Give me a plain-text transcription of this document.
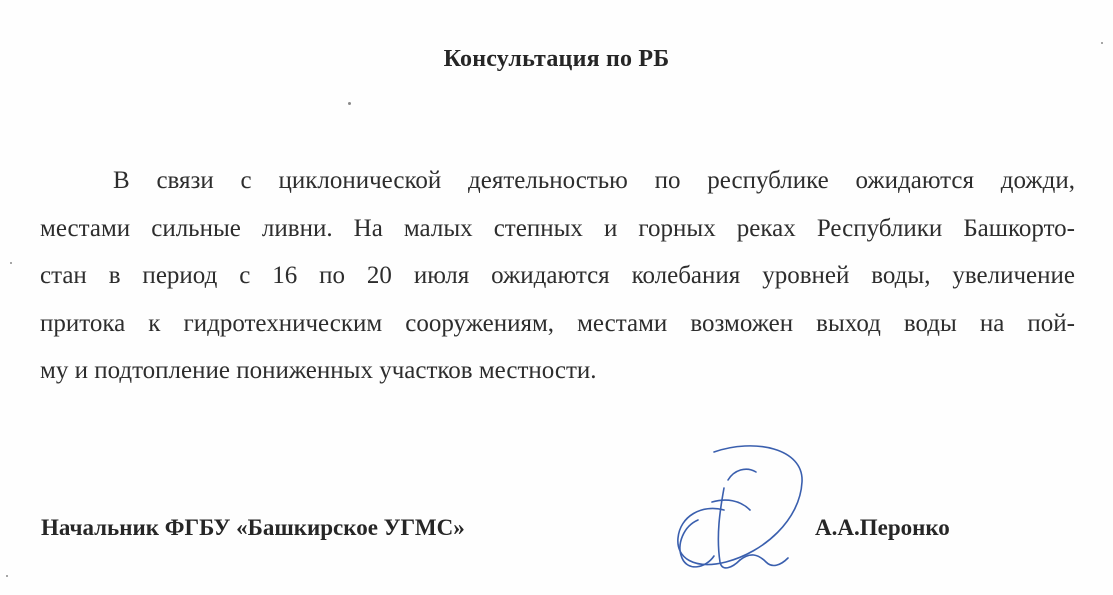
Консультация по РБ
В связи с циклонической деятельностью по республике ожидаются дожди,
местами сильные ливни. На малых степных и горных реках Республики Башкорто-
стан в период с 16 по 20 июля ожидаются колебания уровней воды, увеличение
притока к гидротехническим сооружениям, местами возможен выход воды на пой-
му и подтопление пониженных участков местности.
Начальник ФГБУ «Башкирское УГМС»	А.А.Перонко
